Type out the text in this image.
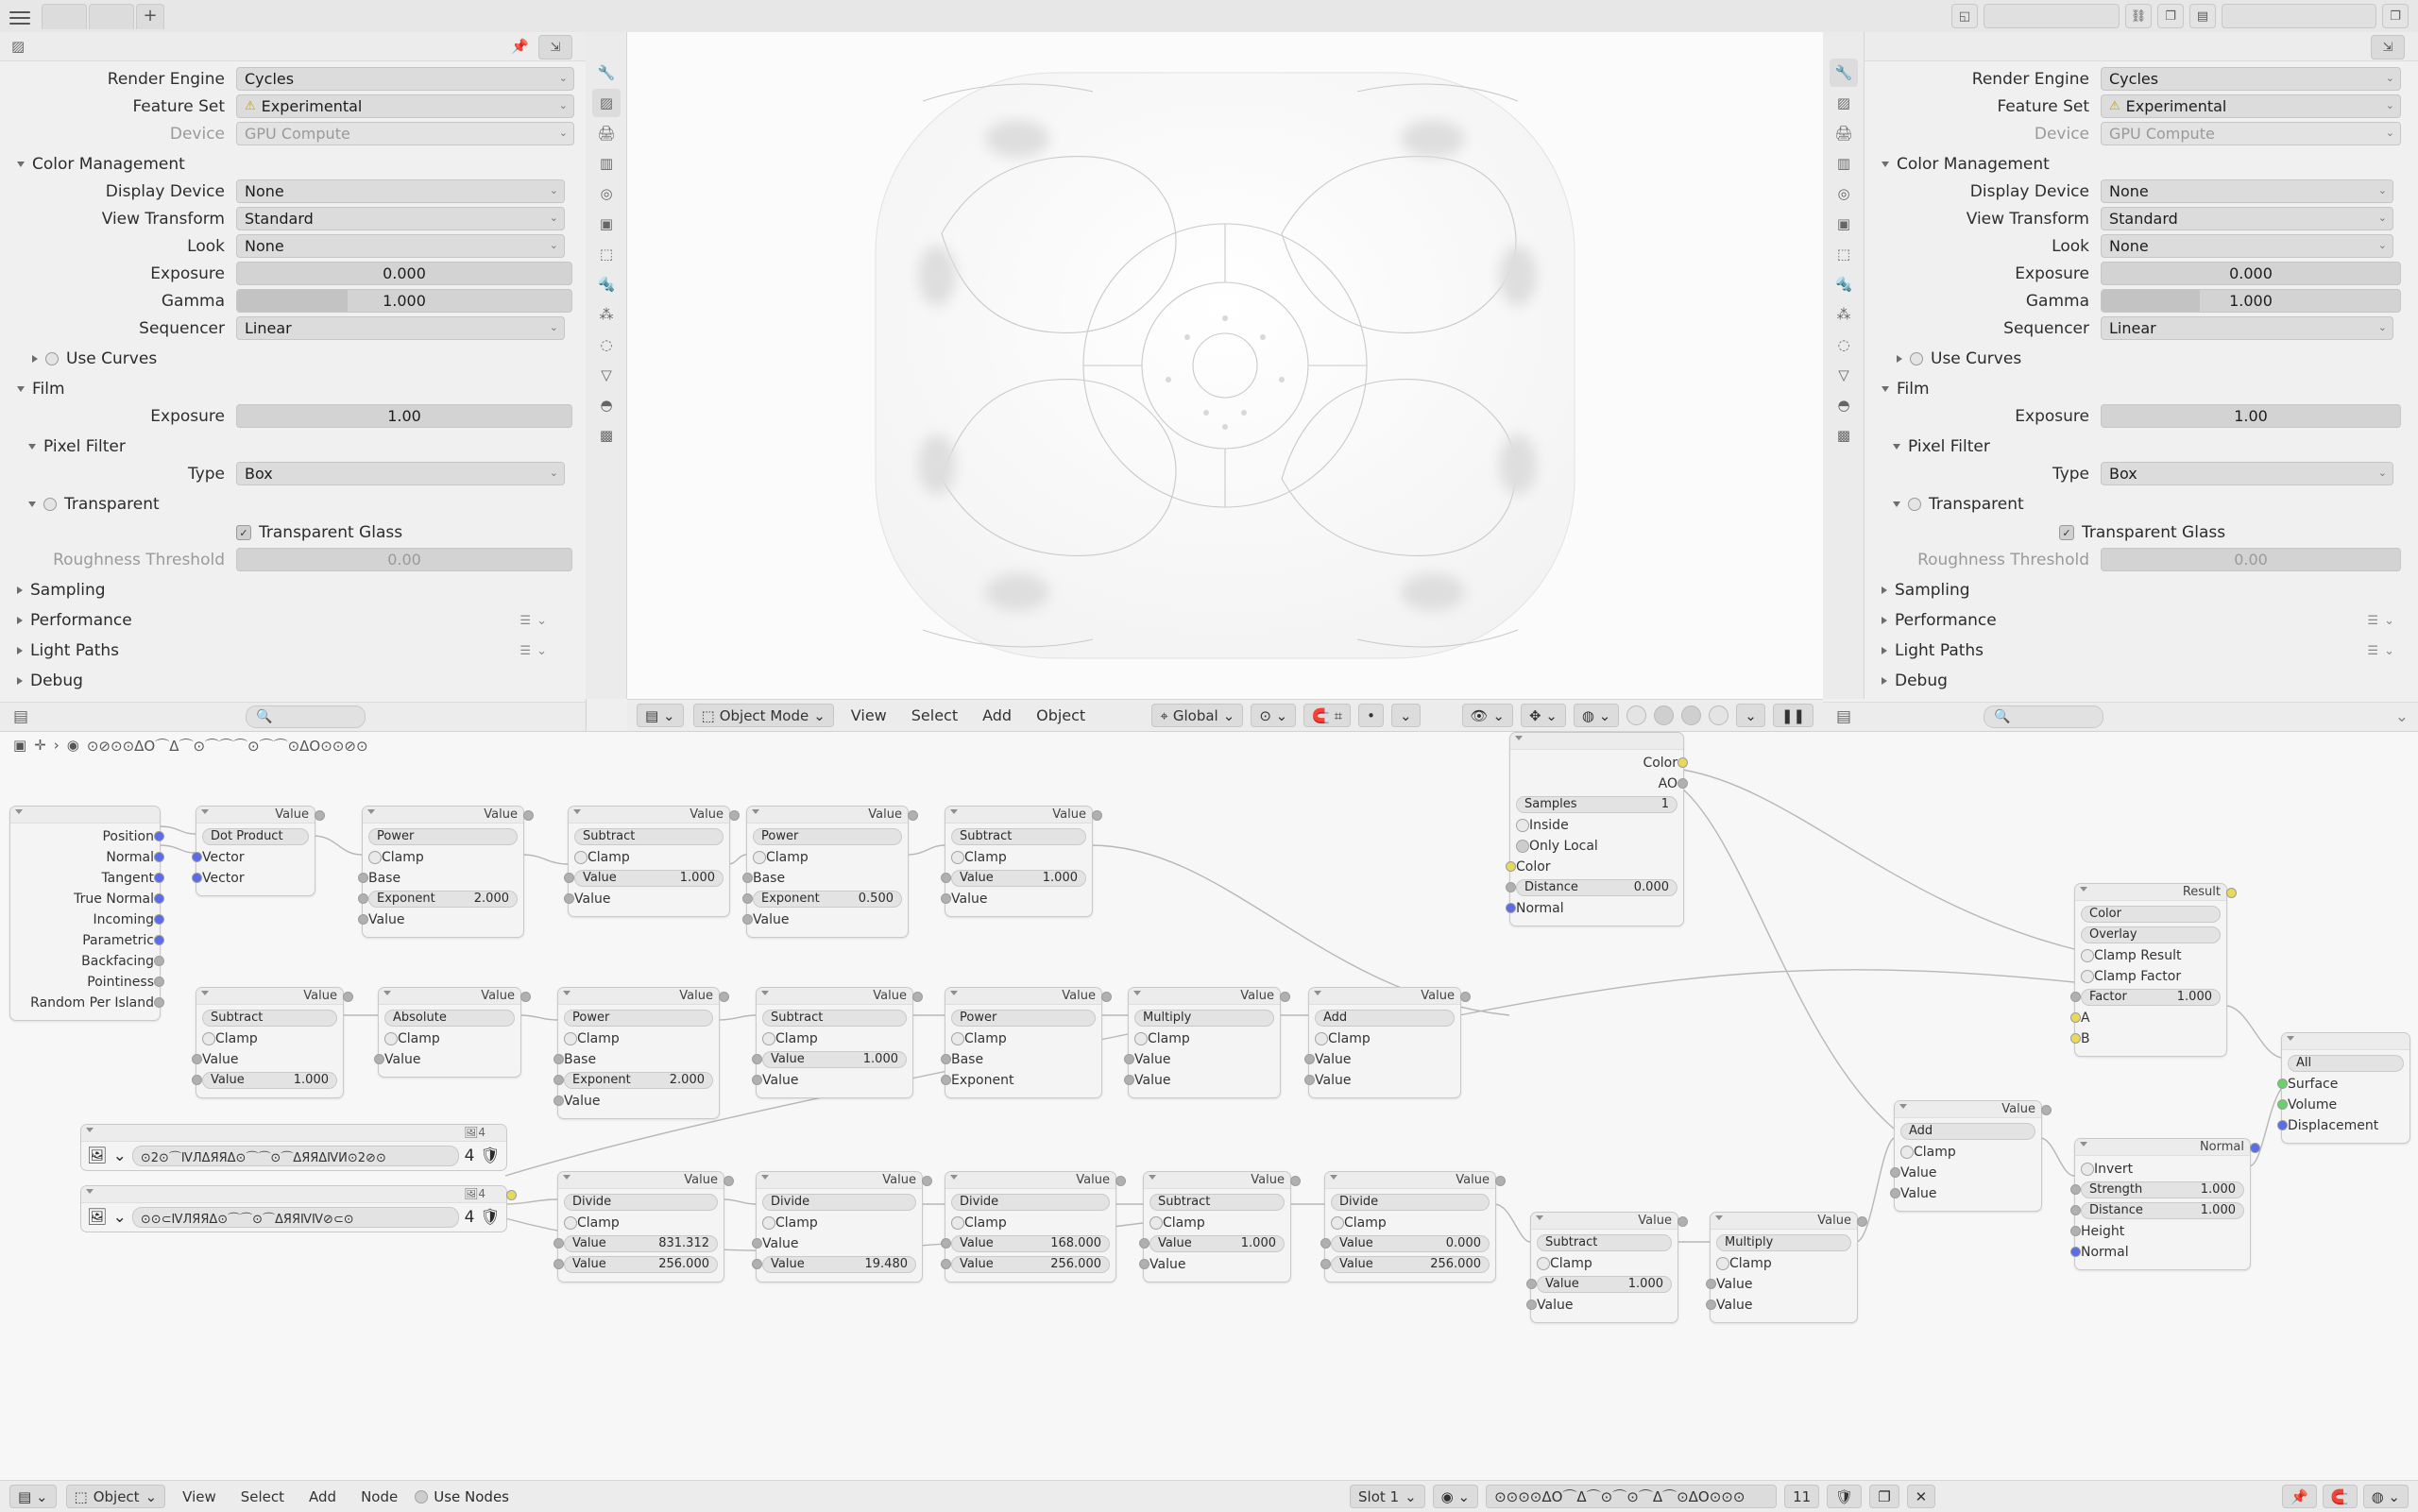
+	◱	⛓	❐	▤	❐
▨	📌	⇲
Render Engine	Cycles	⌄
Feature Set	⚠ Experimental	⌄
Device	GPU Compute	⌄
Color Management
Display Device	None	⌄
View Transform	Standard	⌄
Look	None	⌄
Exposure	0.000
Gamma	1.000
Sequencer	Linear	⌄
Use Curves
Film
Exposure	1.00
Pixel Filter
Type	Box	⌄
Transparent
✓ Transparent Glass
Roughness Threshold	0.00
Sampling
Performance	☰ ⌄
Light Paths	☰ ⌄
Debug
▤	🔍
🔧
▨
🖨
▥
◎
▣
⬚
🔩
⁂
◌
▽
◓
▩
▤ ⌄	⬚ Object Mode ⌄	View	Select	Add	Object	⌖ Global ⌄	⊙ ⌄	🧲 ⌗	•	⌄	👁 ⌄	✥ ⌄	◍ ⌄	⌄	❚❚
⇲
Render Engine	Cycles	⌄
Feature Set	⚠ Experimental	⌄
Device	GPU Compute	⌄
Color Management
Display Device	None	⌄
View Transform	Standard	⌄
Look	None	⌄
Exposure	0.000
Gamma	1.000
Sequencer	Linear	⌄
Use Curves
Film
Exposure	1.00
Pixel Filter
Type	Box	⌄
Transparent
✓ Transparent Glass
Roughness Threshold	0.00
Sampling
Performance	☰ ⌄
Light Paths	☰ ⌄
Debug
▤	🔍	⌄
🔧
▨
🖨
▥
◎
▣
⬚
🔩
⁂
◌
▽
◓
▩
▣ ✛ › ◉ ⊙⊘⊙⊙ΔΟ⌒Δ⌒⊙⌒⌒⌒⊙⌒⌒⊙ΔΟ⊙⊙⊘⊙
Position
Normal
Tangent
True Normal
Incoming
Parametric
Backfacing
Pointiness
Random Per Island
Value
Dot Product
Vector
Vector
Value
Power
Clamp
Base
Exponent	2.000
Value
Value
Subtract
Clamp
Value	1.000
Value
Value
Power
Clamp
Base
Exponent	0.500
Value
Value
Subtract
Clamp
Value	1.000
Value
Color
AO
Samples	1
Inside
Only Local
Color
Distance	0.000
Normal
Value
Subtract
Clamp
Value
Value	1.000
Value
Absolute
Clamp
Value
Value
Power
Clamp
Base
Exponent	2.000
Value
Value
Subtract
Clamp
Value	1.000
Value
Value
Power
Clamp
Base
Exponent
Value
Multiply
Clamp
Value
Value
Value
Add
Clamp
Value
Value
Result
Color
Overlay
Clamp Result
Clamp Factor
Factor	1.000
A
B
All
Surface
Volume
Displacement
Normal
Invert
Strength	1.000
Distance	1.000
Height
Normal
Value
Add
Clamp
Value
Value
Value
Divide
Clamp
Value	831.312
Value	256.000
Value
Divide
Clamp
Value
Value	19.480
Value
Divide
Clamp
Value	168.000
Value	256.000
Value
Subtract
Clamp
Value	1.000
Value
Value
Divide
Clamp
Value	0.000
Value	256.000
Value
Subtract
Clamp
Value	1.000
Value
Value
Multiply
Clamp
Value
Value
🖼4
🖼 ⌄	⊙2⊙⌒ⅣЛΔЯЯΔ⊙⌒⌒⊙⌒ΔЯЯΔⅣИ⊙2⊘⊙	4 🛡
🖼4
🖼 ⌄	⊙⊙⊂ⅣЛЯЯΔ⊙⌒⌒⊙⌒ΔЯЯⅣⅣ⊘⊂⊙	4 🛡
▤ ⌄	⬚ Object ⌄	View	Select	Add	Node	Use Nodes	Slot 1 ⌄	◉ ⌄	⊙⊙⊙⊙ΔΟ⌒Δ⌒⊙⌒⊙⌒Δ⌒⊙ΔΟ⊙⊙⊙	11	🛡	❐	✕	📌	🧲	◍ ⌄
